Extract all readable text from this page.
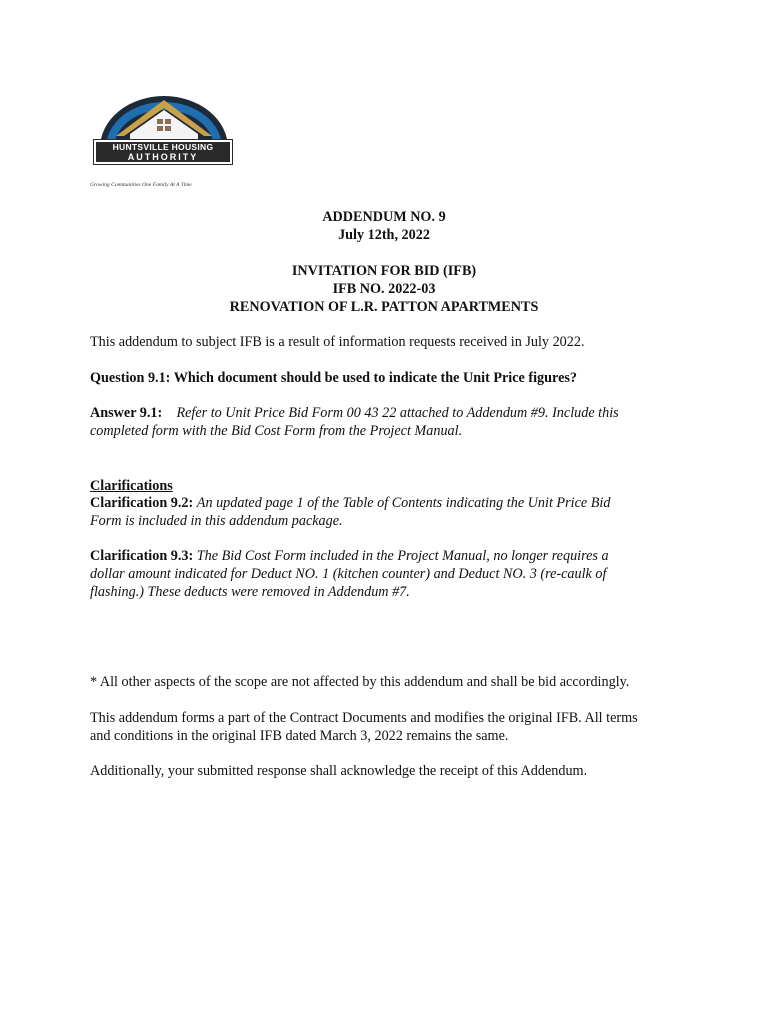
HUNTSVILLE HOUSING
AUTHORITY
Growing Communities One Family At A Time
ADDENDUM NO. 9
July 12th, 2022
INVITATION FOR BID (IFB)
IFB NO. 2022-03
RENOVATION OF L.R. PATTON APARTMENTS
This addendum to subject IFB is a result of information requests received in July 2022.
Question 9.1: Which document should be used to indicate the Unit Price figures?
Answer 9.1: Refer to Unit Price Bid Form 00 43 22 attached to Addendum #9. Include this
completed form with the Bid Cost Form from the Project Manual.
Clarifications
Clarification 9.2: An updated page 1 of the Table of Contents indicating the Unit Price Bid
Form is included in this addendum package.
Clarification 9.3: The Bid Cost Form included in the Project Manual, no longer requires a
dollar amount indicated for Deduct NO. 1 (kitchen counter) and Deduct NO. 3 (re-caulk of
flashing.) These deducts were removed in Addendum #7.
* All other aspects of the scope are not affected by this addendum and shall be bid accordingly.
This addendum forms a part of the Contract Documents and modifies the original IFB. All terms
and conditions in the original IFB dated March 3, 2022 remains the same.
Additionally, your submitted response shall acknowledge the receipt of this Addendum.
